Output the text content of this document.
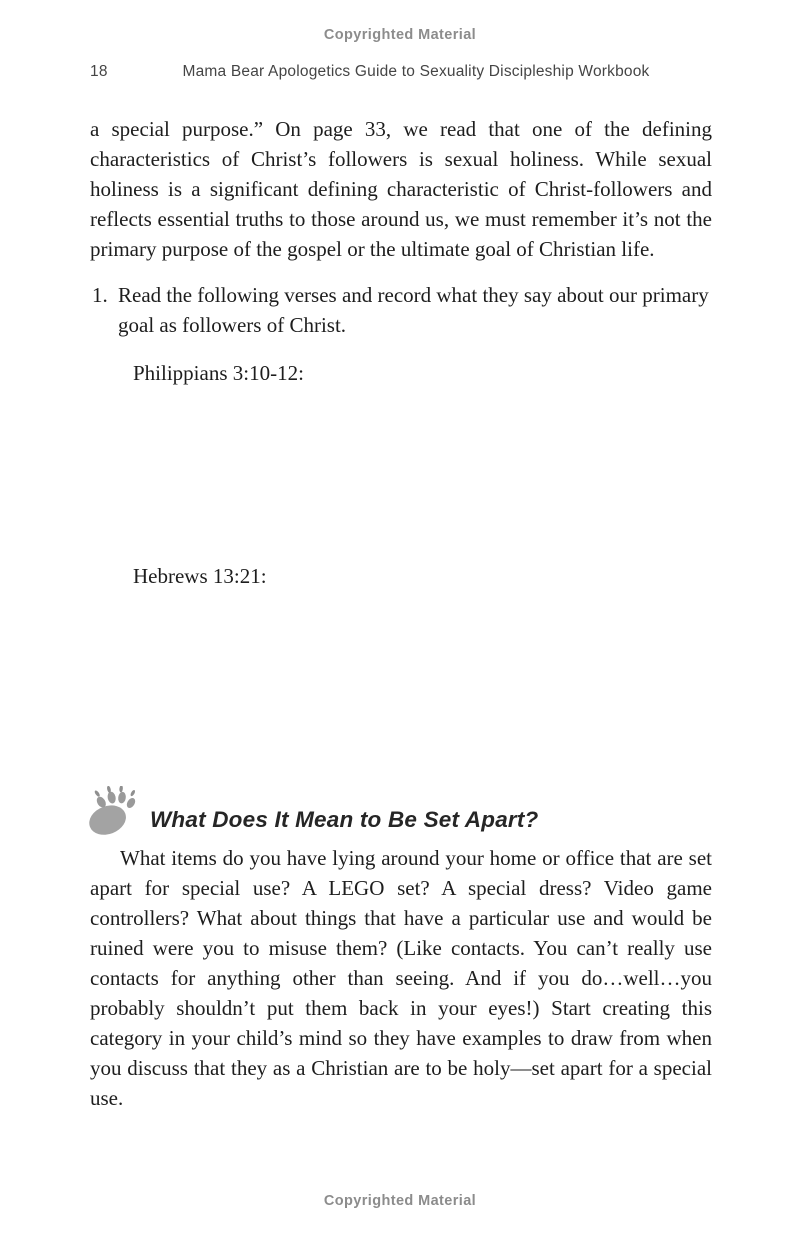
Copyrighted Material
18	Mama Bear Apologetics Guide to Sexuality Discipleship Workbook

a special purpose.” On page 33, we read that one of the defining characteristics of Christ’s followers is sexual holiness. While sexual holiness is a significant defining characteristic of Christ-followers and reflects essential truths to those around us, we must remember it’s not the primary purpose of the gospel or the ultimate goal of Christian life.

1. Read the following verses and record what they say about our primary goal as followers of Christ.
Philippians 3:10-12:
Hebrews 13:21:
What Does It Mean to Be Set Apart?

What items do you have lying around your home or office that are set apart for special use? A LEGO set? A special dress? Video game controllers? What about things that have a particular use and would be ruined were you to misuse them? (Like contacts. You can’t really use contacts for anything other than seeing. And if you do…well…you probably shouldn’t put them back in your eyes!) Start creating this category in your child’s mind so they have examples to draw from when you discuss that they as a Christian are to be holy—set apart for a special use.

Copyrighted Material
